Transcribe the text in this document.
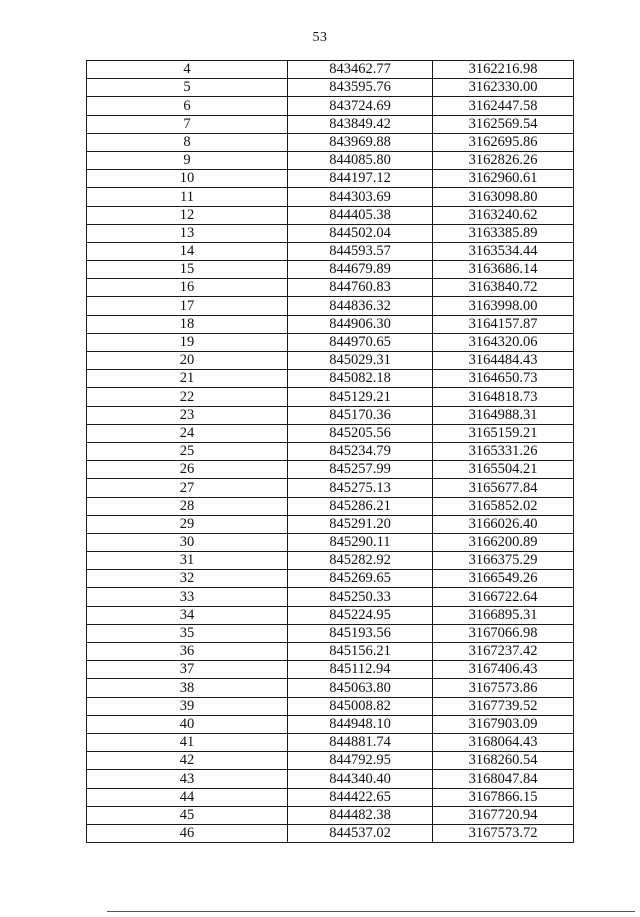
53
4	843462.77	3162216.98
5	843595.76	3162330.00
6	843724.69	3162447.58
7	843849.42	3162569.54
8	843969.88	3162695.86
9	844085.80	3162826.26
10	844197.12	3162960.61
11	844303.69	3163098.80
12	844405.38	3163240.62
13	844502.04	3163385.89
14	844593.57	3163534.44
15	844679.89	3163686.14
16	844760.83	3163840.72
17	844836.32	3163998.00
18	844906.30	3164157.87
19	844970.65	3164320.06
20	845029.31	3164484.43
21	845082.18	3164650.73
22	845129.21	3164818.73
23	845170.36	3164988.31
24	845205.56	3165159.21
25	845234.79	3165331.26
26	845257.99	3165504.21
27	845275.13	3165677.84
28	845286.21	3165852.02
29	845291.20	3166026.40
30	845290.11	3166200.89
31	845282.92	3166375.29
32	845269.65	3166549.26
33	845250.33	3166722.64
34	845224.95	3166895.31
35	845193.56	3167066.98
36	845156.21	3167237.42
37	845112.94	3167406.43
38	845063.80	3167573.86
39	845008.82	3167739.52
40	844948.10	3167903.09
41	844881.74	3168064.43
42	844792.95	3168260.54
43	844340.40	3168047.84
44	844422.65	3167866.15
45	844482.38	3167720.94
46	844537.02	3167573.72
